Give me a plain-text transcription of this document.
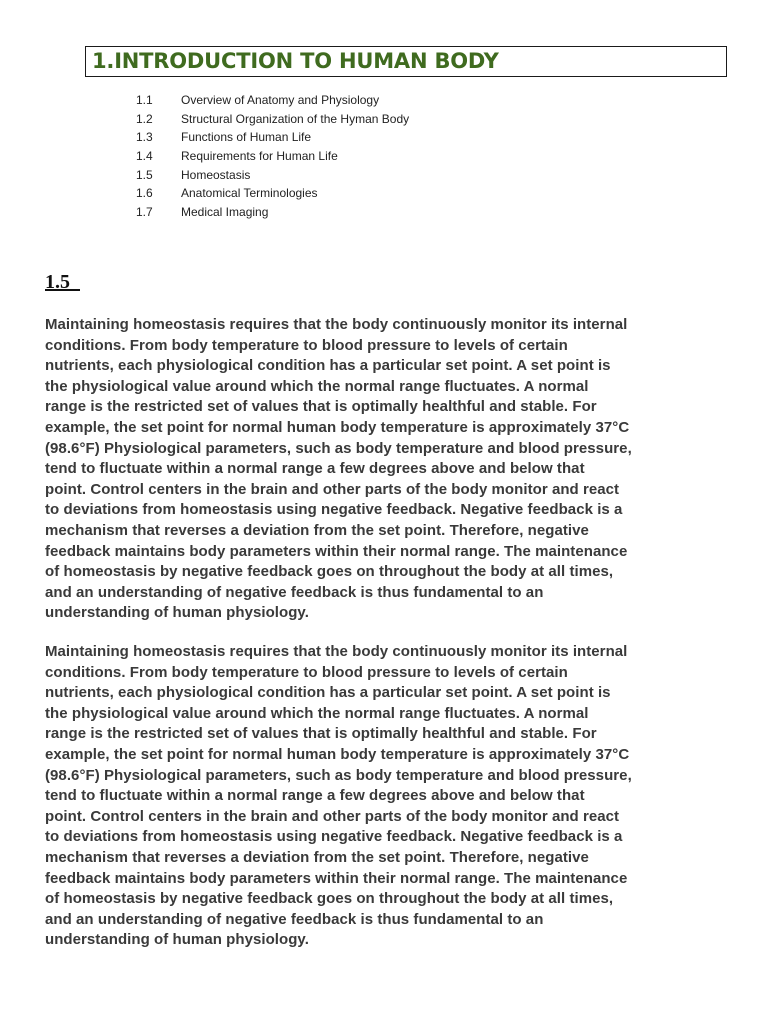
1.INTRODUCTION TO HUMAN BODY
1.1	Overview of Anatomy and Physiology
1.2	Structural Organization of the Hyman Body
1.3	Functions of Human Life
1.4	Requirements for Human Life
1.5	Homeostasis
1.6	Anatomical Terminologies
1.7	Medical Imaging
1.5

Maintaining homeostasis requires that the body continuously monitor its internal
conditions. From body temperature to blood pressure to levels of certain
nutrients, each physiological condition has a particular set point. A set point is
the physiological value around which the normal range fluctuates. A normal
range is the restricted set of values that is optimally healthful and stable. For
example, the set point for normal human body temperature is approximately 37°C
(98.6°F) Physiological parameters, such as body temperature and blood pressure,
tend to fluctuate within a normal range a few degrees above and below that
point. Control centers in the brain and other parts of the body monitor and react
to deviations from homeostasis using negative feedback. Negative feedback is a
mechanism that reverses a deviation from the set point. Therefore, negative
feedback maintains body parameters within their normal range. The maintenance
of homeostasis by negative feedback goes on throughout the body at all times,
and an understanding of negative feedback is thus fundamental to an
understanding of human physiology.

Maintaining homeostasis requires that the body continuously monitor its internal
conditions. From body temperature to blood pressure to levels of certain
nutrients, each physiological condition has a particular set point. A set point is
the physiological value around which the normal range fluctuates. A normal
range is the restricted set of values that is optimally healthful and stable. For
example, the set point for normal human body temperature is approximately 37°C
(98.6°F) Physiological parameters, such as body temperature and blood pressure,
tend to fluctuate within a normal range a few degrees above and below that
point. Control centers in the brain and other parts of the body monitor and react
to deviations from homeostasis using negative feedback. Negative feedback is a
mechanism that reverses a deviation from the set point. Therefore, negative
feedback maintains body parameters within their normal range. The maintenance
of homeostasis by negative feedback goes on throughout the body at all times,
and an understanding of negative feedback is thus fundamental to an
understanding of human physiology.
